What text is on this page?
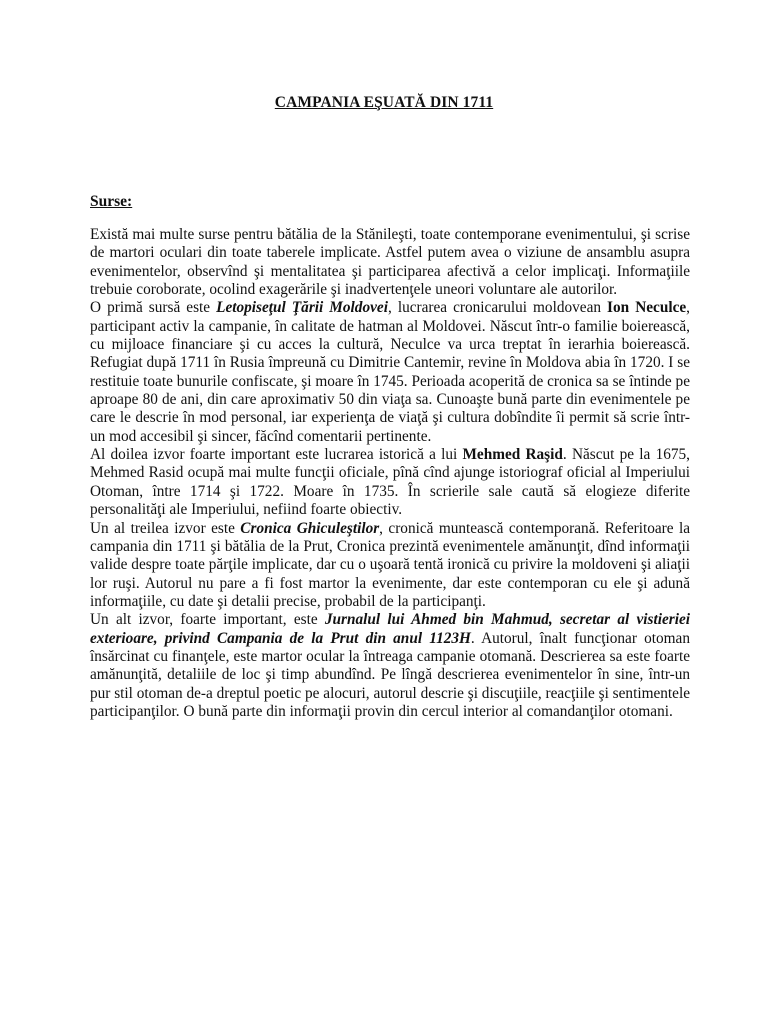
CAMPANIA EŞUATĂ DIN 1711
Surse:

Există mai multe surse pentru bătălia de la Stănileşti, toate contemporane evenimentului, şi scrise de martori oculari din toate taberele implicate. Astfel putem avea o viziune de ansamblu asupra evenimentelor, observînd şi mentalitatea şi participarea afectivă a celor implicaţi. Informaţiile trebuie coroborate, ocolind exagerările şi inadvertenţele uneori voluntare ale autorilor.

O primă sursă este Letopiseţul Ţării Moldovei, lucrarea cronicarului moldovean Ion Neculce, participant activ la campanie, în calitate de hatman al Moldovei. Născut într-o familie boierească, cu mijloace financiare şi cu acces la cultură, Neculce va urca treptat în ierarhia boierească. Refugiat după 1711 în Rusia împreună cu Dimitrie Cantemir, revine în Moldova abia în 1720. I se restituie toate bunurile confiscate, şi moare în 1745. Perioada acoperită de cronica sa se întinde pe aproape 80 de ani, din care aproximativ 50 din viaţa sa. Cunoaşte bună parte din evenimentele pe care le descrie în mod personal, iar experienţa de viaţă şi cultura dobîndite îi permit să scrie într-un mod accesibil şi sincer, făcînd comentarii pertinente.

Al doilea izvor foarte important este lucrarea istorică a lui Mehmed Raşid. Născut pe la 1675, Mehmed Rasid ocupă mai multe funcţii oficiale, pînă cînd ajunge istoriograf oficial al Imperiului Otoman, între 1714 şi 1722. Moare în 1735. În scrierile sale caută să elogieze diferite personalităţi ale Imperiului, nefiind foarte obiectiv.

Un al treilea izvor este Cronica Ghiculeştilor, cronică muntească contemporană. Referitoare la campania din 1711 şi bătălia de la Prut, Cronica prezintă evenimentele amănunţit, dînd informaţii valide despre toate părţile implicate, dar cu o uşoară tentă ironică cu privire la moldoveni şi aliaţii lor ruşi. Autorul nu pare a fi fost martor la evenimente, dar este contemporan cu ele şi adună informaţiile, cu date şi detalii precise, probabil de la participanţi.

Un alt izvor, foarte important, este Jurnalul lui Ahmed bin Mahmud, secretar al vistieriei exterioare, privind Campania de la Prut din anul 1123H. Autorul, înalt funcţionar otoman însărcinat cu finanţele, este martor ocular la întreaga campanie otomană. Descrierea sa este foarte amănunţită, detaliile de loc şi timp abundînd. Pe lîngă descrierea evenimentelor în sine, într-un pur stil otoman de-a dreptul poetic pe alocuri, autorul descrie şi discuţiile, reacţiile şi sentimentele participanţilor. O bună parte din informaţii provin din cercul interior al comandanţilor otomani.
